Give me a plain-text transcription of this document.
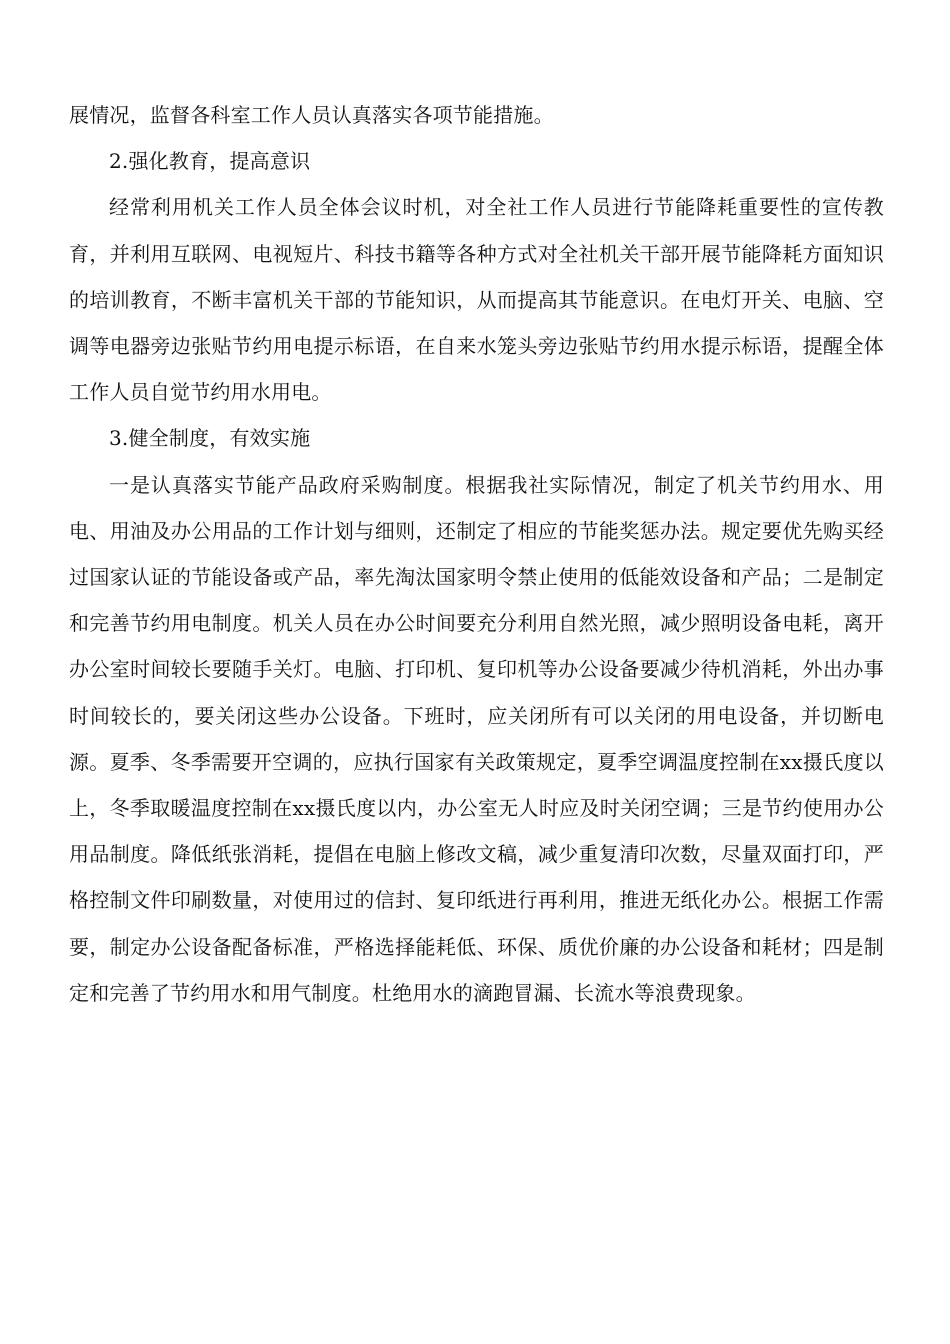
展情况，监督各科室工作人员认真落实各项节能措施。

2.强化教育，提高意识

经常利用机关工作人员全体会议时机，对全社工作人员进行节能降耗重要性的宣传教育，并利用互联网、电视短片、科技书籍等各种方式对全社机关干部开展节能降耗方面知识的培训教育，不断丰富机关干部的节能知识，从而提高其节能意识。在电灯开关、电脑、空调等电器旁边张贴节约用电提示标语，在自来水笼头旁边张贴节约用水提示标语，提醒全体工作人员自觉节约用水用电。

3.健全制度，有效实施

一是认真落实节能产品政府采购制度。根据我社实际情况，制定了机关节约用水、用电、用油及办公用品的工作计划与细则，还制定了相应的节能奖惩办法。规定要优先购买经过国家认证的节能设备或产品，率先淘汰国家明令禁止使用的低能效设备和产品；二是制定和完善节约用电制度。机关人员在办公时间要充分利用自然光照，减少照明设备电耗，离开办公室时间较长要随手关灯。电脑、打印机、复印机等办公设备要减少待机消耗，外出办事时间较长的，要关闭这些办公设备。下班时，应关闭所有可以关闭的用电设备，并切断电源。夏季、冬季需要开空调的，应执行国家有关政策规定，夏季空调温度控制在xx摄氏度以上，冬季取暖温度控制在xx摄氏度以内，办公室无人时应及时关闭空调；三是节约使用办公用品制度。降低纸张消耗，提倡在电脑上修改文稿，减少重复清印次数，尽量双面打印，严格控制文件印刷数量，对使用过的信封、复印纸进行再利用，推进无纸化办公。根据工作需要，制定办公设备配备标准，严格选择能耗低、环保、质优价廉的办公设备和耗材；四是制定和完善了节约用水和用气制度。杜绝用水的滴跑冒漏、长流水等浪费现象。
